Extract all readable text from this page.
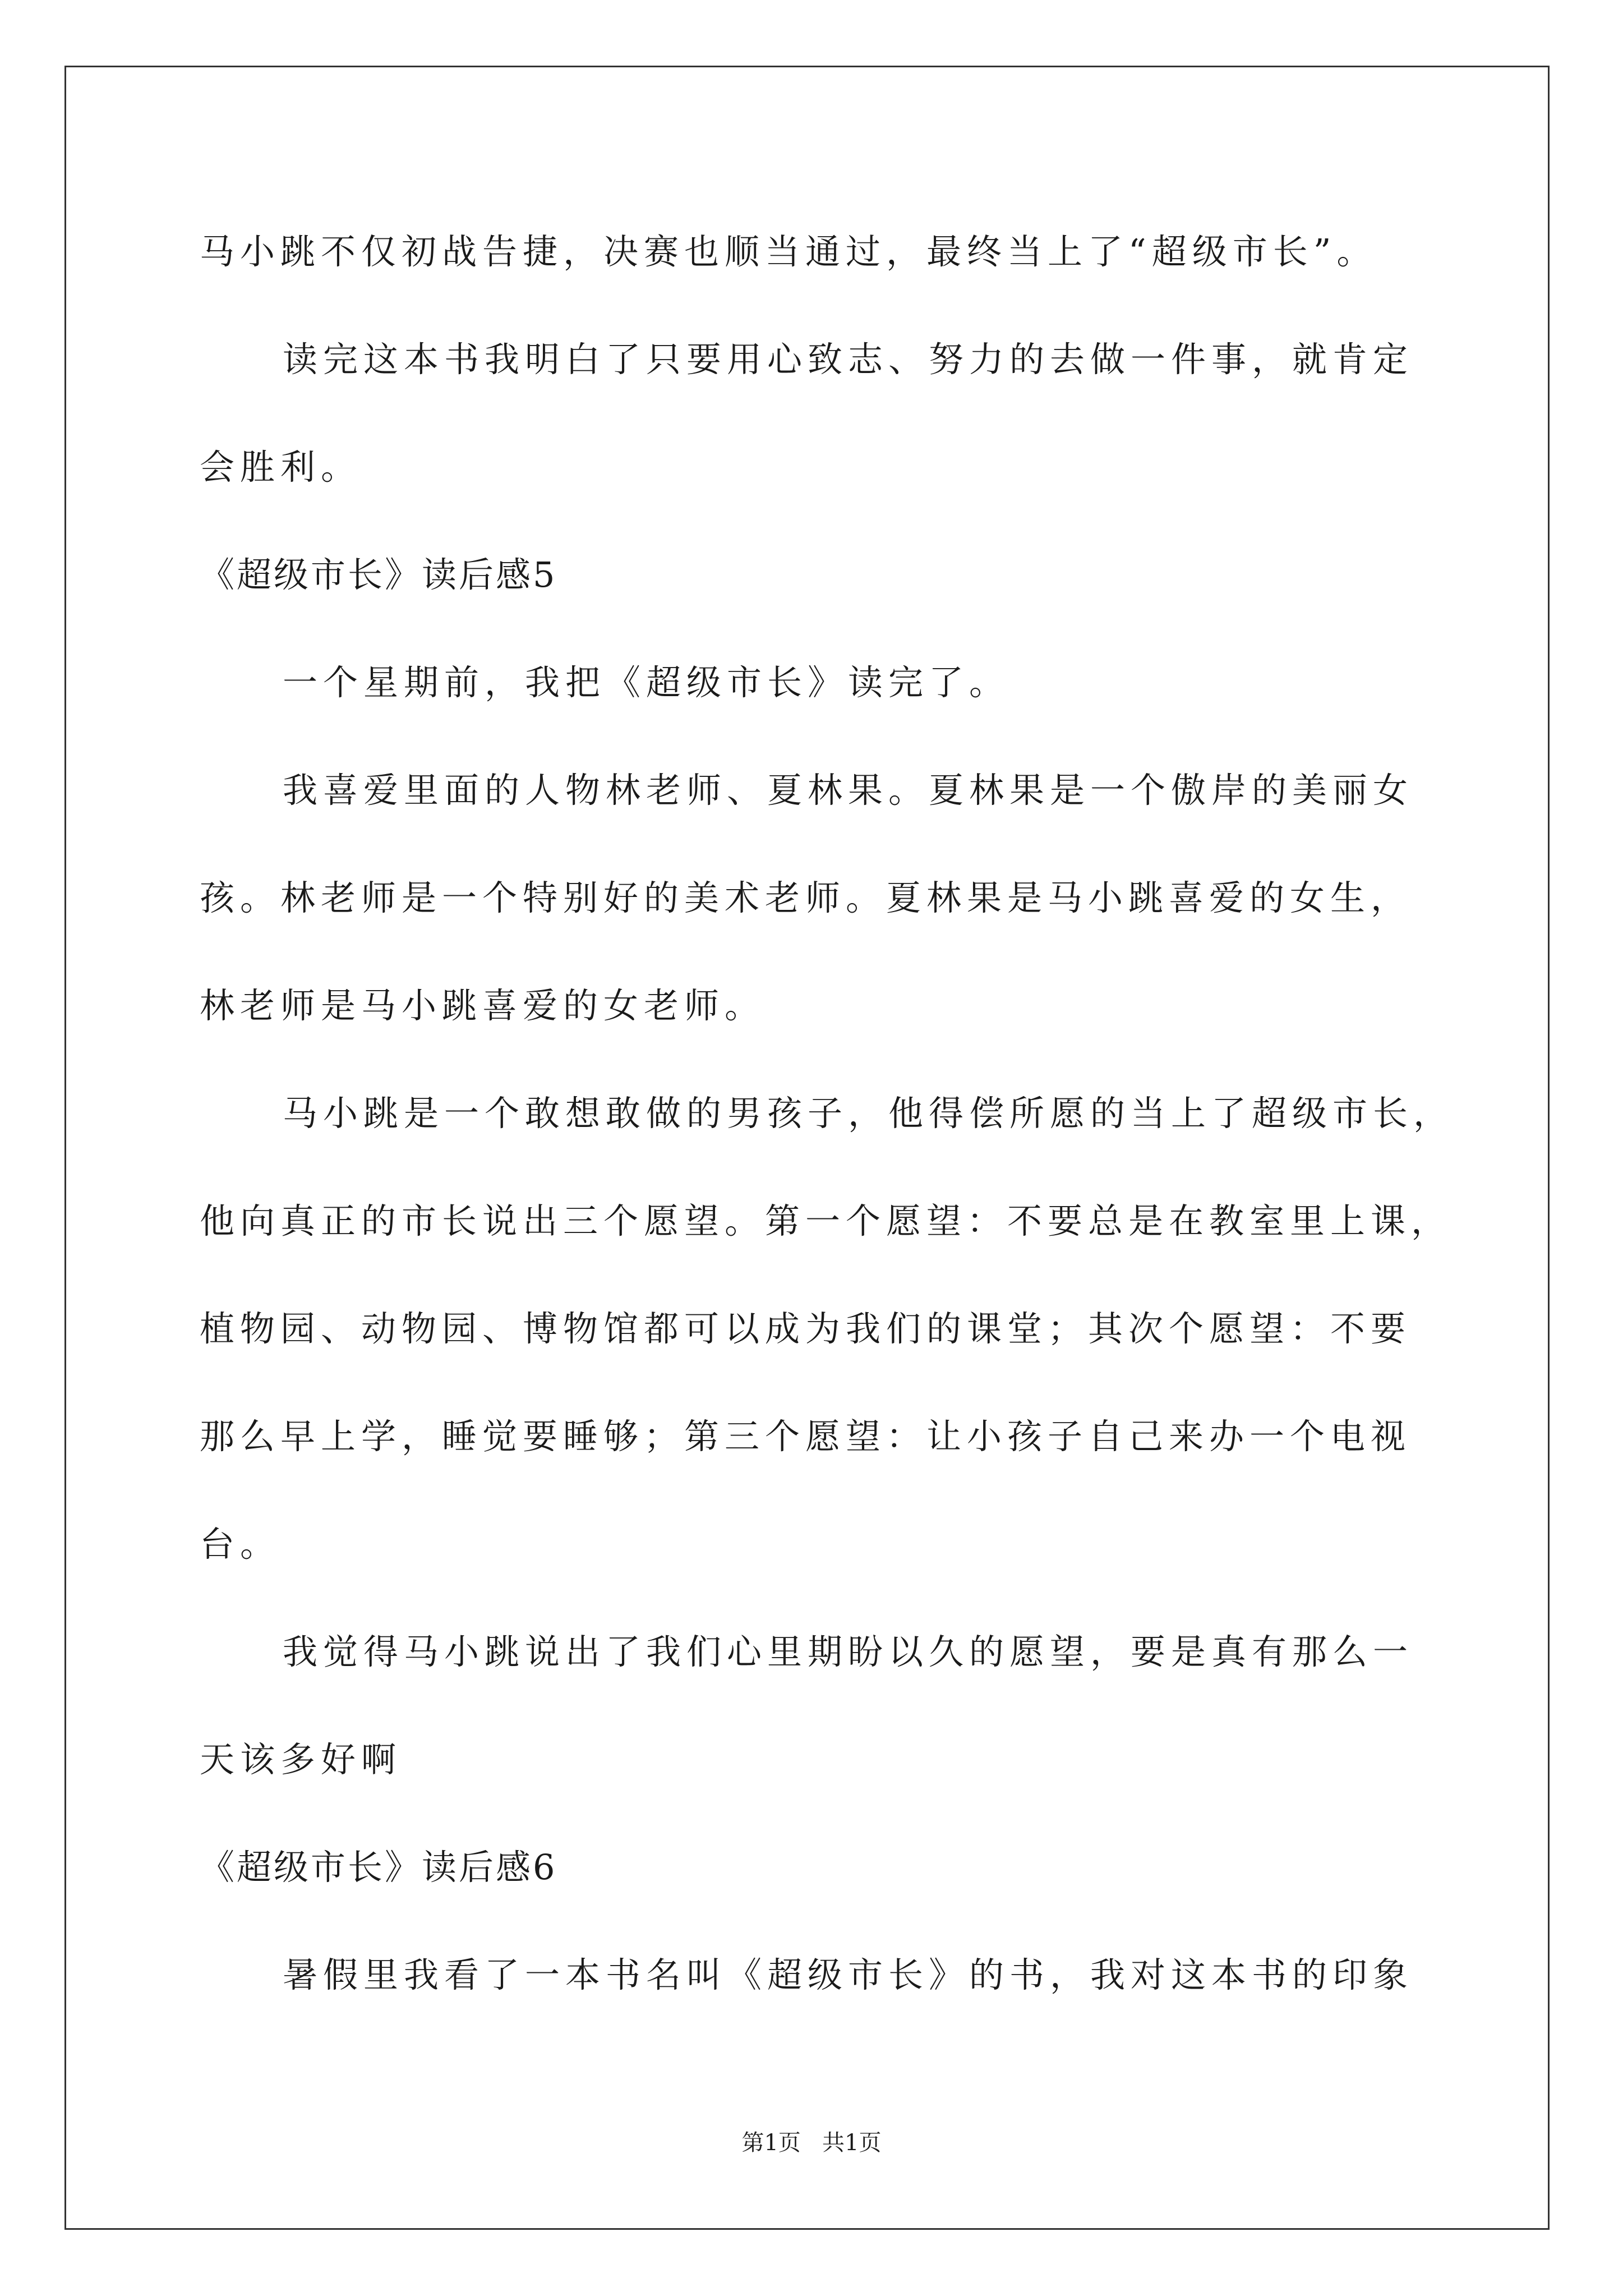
马小跳不仅初战告捷，决赛也顺当通过，最终当上了“超级市长”。
读完这本书我明白了只要用心致志、努力的去做一件事，就肯定
会胜利。
《超级市长》读后感5
一个星期前，我把《超级市长》读完了。
我喜爱里面的人物林老师、夏林果。夏林果是一个傲岸的美丽女
孩。林老师是一个特别好的美术老师。夏林果是马小跳喜爱的女生，
林老师是马小跳喜爱的女老师。
马小跳是一个敢想敢做的男孩子，他得偿所愿的当上了超级市长，
他向真正的市长说出三个愿望。第一个愿望：不要总是在教室里上课，
植物园、动物园、博物馆都可以成为我们的课堂；其次个愿望：不要
那么早上学，睡觉要睡够；第三个愿望：让小孩子自己来办一个电视
台。
我觉得马小跳说出了我们心里期盼以久的愿望，要是真有那么一
天该多好啊
《超级市长》读后感6
暑假里我看了一本书名叫《超级市长》的书，我对这本书的印象
第1页   共1页
